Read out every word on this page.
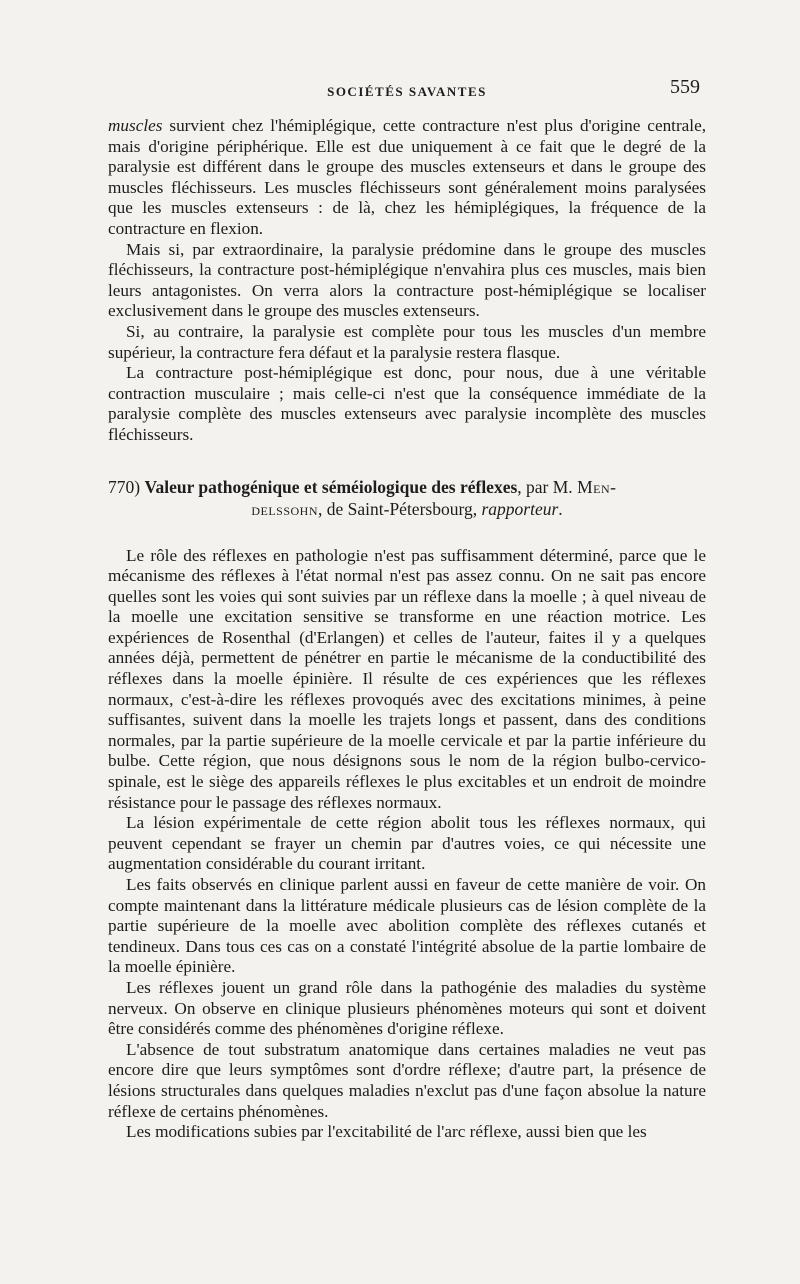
SOCIÉTÉS SAVANTES	559

muscles survient chez l'hémiplégique, cette contracture n'est plus d'origine centrale, mais d'origine périphérique. Elle est due uniquement à ce fait que le degré de la paralysie est différent dans le groupe des muscles extenseurs et dans le groupe des muscles fléchisseurs. Les muscles fléchisseurs sont généralement moins paralysées que les muscles extenseurs : de là, chez les hémiplégiques, la fréquence de la contracture en flexion.

Mais si, par extraordinaire, la paralysie prédomine dans le groupe des muscles fléchisseurs, la contracture post-hémiplégique n'envahira plus ces muscles, mais bien leurs antagonistes. On verra alors la contracture post-hémiplégique se localiser exclusivement dans le groupe des muscles extenseurs.

Si, au contraire, la paralysie est complète pour tous les muscles d'un membre supérieur, la contracture fera défaut et la paralysie restera flasque.

La contracture post-hémiplégique est donc, pour nous, due à une véritable contraction musculaire ; mais celle-ci n'est que la conséquence immédiate de la paralysie complète des muscles extenseurs avec paralysie incomplète des muscles fléchisseurs.

770) Valeur pathogénique et séméiologique des réflexes, par M. Men-
delssohn, de Saint-Pétersbourg, rapporteur.

Le rôle des réflexes en pathologie n'est pas suffisamment déterminé, parce que le mécanisme des réflexes à l'état normal n'est pas assez connu. On ne sait pas encore quelles sont les voies qui sont suivies par un réflexe dans la moelle ; à quel niveau de la moelle une excitation sensitive se transforme en une réaction motrice. Les expériences de Rosenthal (d'Erlangen) et celles de l'auteur, faites il y a quelques années déjà, permettent de pénétrer en partie le mécanisme de la conductibilité des réflexes dans la moelle épinière. Il résulte de ces expériences que les réflexes normaux, c'est-à-dire les réflexes provoqués avec des excitations minimes, à peine suffisantes, suivent dans la moelle les trajets longs et passent, dans des conditions normales, par la partie supérieure de la moelle cervicale et par la partie inférieure du bulbe. Cette région, que nous désignons sous le nom de la région bulbo-cervico-spinale, est le siège des appareils réflexes le plus excitables et un endroit de moindre résistance pour le passage des réflexes normaux.

La lésion expérimentale de cette région abolit tous les réflexes normaux, qui peuvent cependant se frayer un chemin par d'autres voies, ce qui nécessite une augmentation considérable du courant irritant.

Les faits observés en clinique parlent aussi en faveur de cette manière de voir. On compte maintenant dans la littérature médicale plusieurs cas de lésion complète de la partie supérieure de la moelle avec abolition complète des réflexes cutanés et tendineux. Dans tous ces cas on a constaté l'intégrité absolue de la partie lombaire de la moelle épinière.

Les réflexes jouent un grand rôle dans la pathogénie des maladies du système nerveux. On observe en clinique plusieurs phénomènes moteurs qui sont et doivent être considérés comme des phénomènes d'origine réflexe.

L'absence de tout substratum anatomique dans certaines maladies ne veut pas encore dire que leurs symptômes sont d'ordre réflexe; d'autre part, la présence de lésions structurales dans quelques maladies n'exclut pas d'une façon absolue la nature réflexe de certains phénomènes.

Les modifications subies par l'excitabilité de l'arc réflexe, aussi bien que les
